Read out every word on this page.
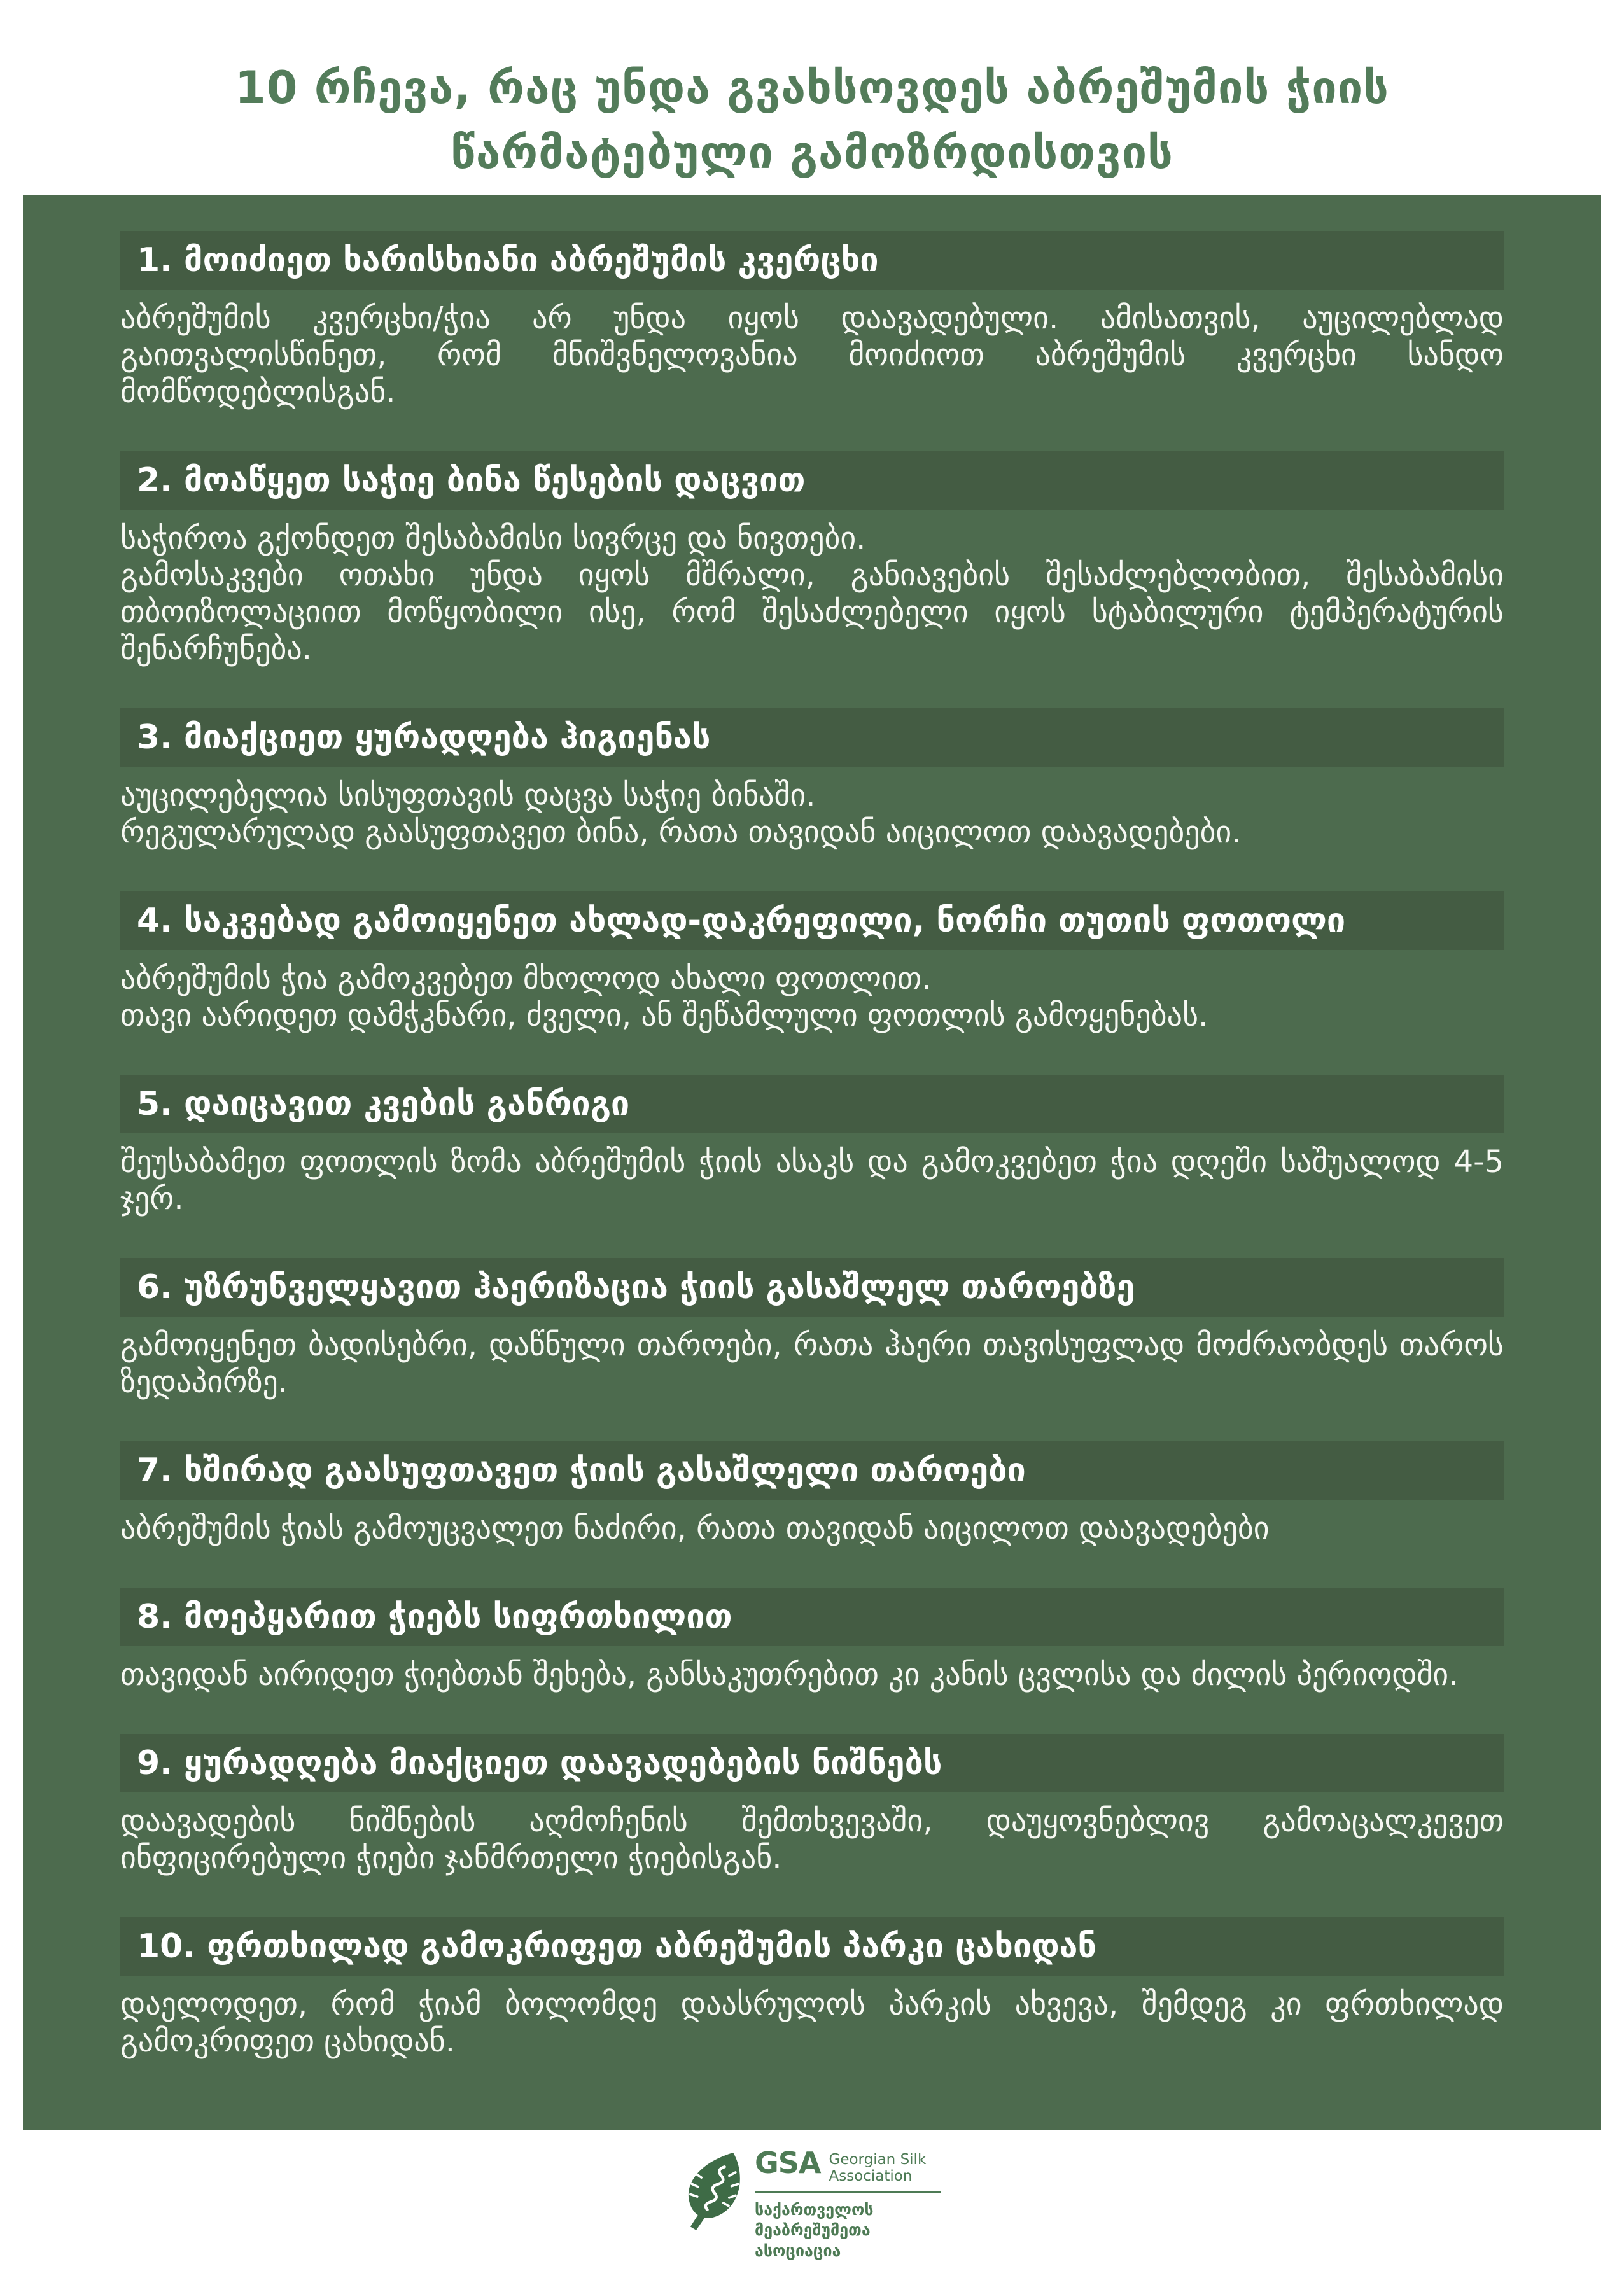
10 რჩევა, რაც უნდა გვახსოვდეს აბრეშუმის ჭიის
წარმატებული გამოზრდისთვის
1. მოიძიეთ ხარისხიანი აბრეშუმის კვერცხი

აბრეშუმის კვერცხი/ჭია არ უნდა იყოს დაავადებული. ამისათვის, აუცილებლად გაითვალისწინეთ, რომ მნიშვნელოვანია მოიძიოთ აბრეშუმის კვერცხი სანდო მომწოდებლისგან.

2. მოაწყეთ საჭიე ბინა წესების დაცვით

საჭიროა გქონდეთ შესაბამისი სივრცე და ნივთები.

გამოსაკვები ოთახი უნდა იყოს მშრალი, განიავების შესაძლებლობით, შესაბამისი თბოიზოლაციით მოწყობილი ისე, რომ შესაძლებელი იყოს სტაბილური ტემპერატურის შენარჩუნება.

3. მიაქციეთ ყურადღება ჰიგიენას

აუცილებელია სისუფთავის დაცვა საჭიე ბინაში.

რეგულარულად გაასუფთავეთ ბინა, რათა თავიდან აიცილოთ დაავადებები.

4. საკვებად გამოიყენეთ ახლად-დაკრეფილი, ნორჩი თუთის ფოთოლი

აბრეშუმის ჭია გამოკვებეთ მხოლოდ ახალი ფოთლით.

თავი აარიდეთ დამჭკნარი, ძველი, ან შეწამლული ფოთლის გამოყენებას.

5. დაიცავით კვების განრიგი

შეუსაბამეთ ფოთლის ზომა აბრეშუმის ჭიის ასაკს და გამოკვებეთ ჭია დღეში საშუალოდ 4-5 ჯერ.

6. უზრუნველყავით ჰაერიზაცია ჭიის გასაშლელ თაროებზე

გამოიყენეთ ბადისებრი, დაწნული თაროები, რათა ჰაერი თავისუფლად მოძრაობდეს თაროს ზედაპირზე.

7. ხშირად გაასუფთავეთ ჭიის გასაშლელი თაროები

აბრეშუმის ჭიას გამოუცვალეთ ნაძირი, რათა თავიდან აიცილოთ დაავადებები

8. მოეპყარით ჭიებს სიფრთხილით

თავიდან აირიდეთ ჭიებთან შეხება, განსაკუთრებით კი კანის ცვლისა და ძილის პერიოდში.

9. ყურადღება მიაქციეთ დაავადებების ნიშნებს

დაავადების ნიშნების აღმოჩენის შემთხვევაში, დაუყოვნებლივ გამოაცალკევეთ ინფიცირებული ჭიები ჯანმრთელი ჭიებისგან.

10. ფრთხილად გამოკრიფეთ აბრეშუმის პარკი ცახიდან

დაელოდეთ, რომ ჭიამ ბოლომდე დაასრულოს პარკის ახვევა, შემდეგ კი ფრთხილად გამოკრიფეთ ცახიდან.

GSA Georgian Silk
Association
საქართველოს მეაბრეშუმეთა
ასოციაცია
